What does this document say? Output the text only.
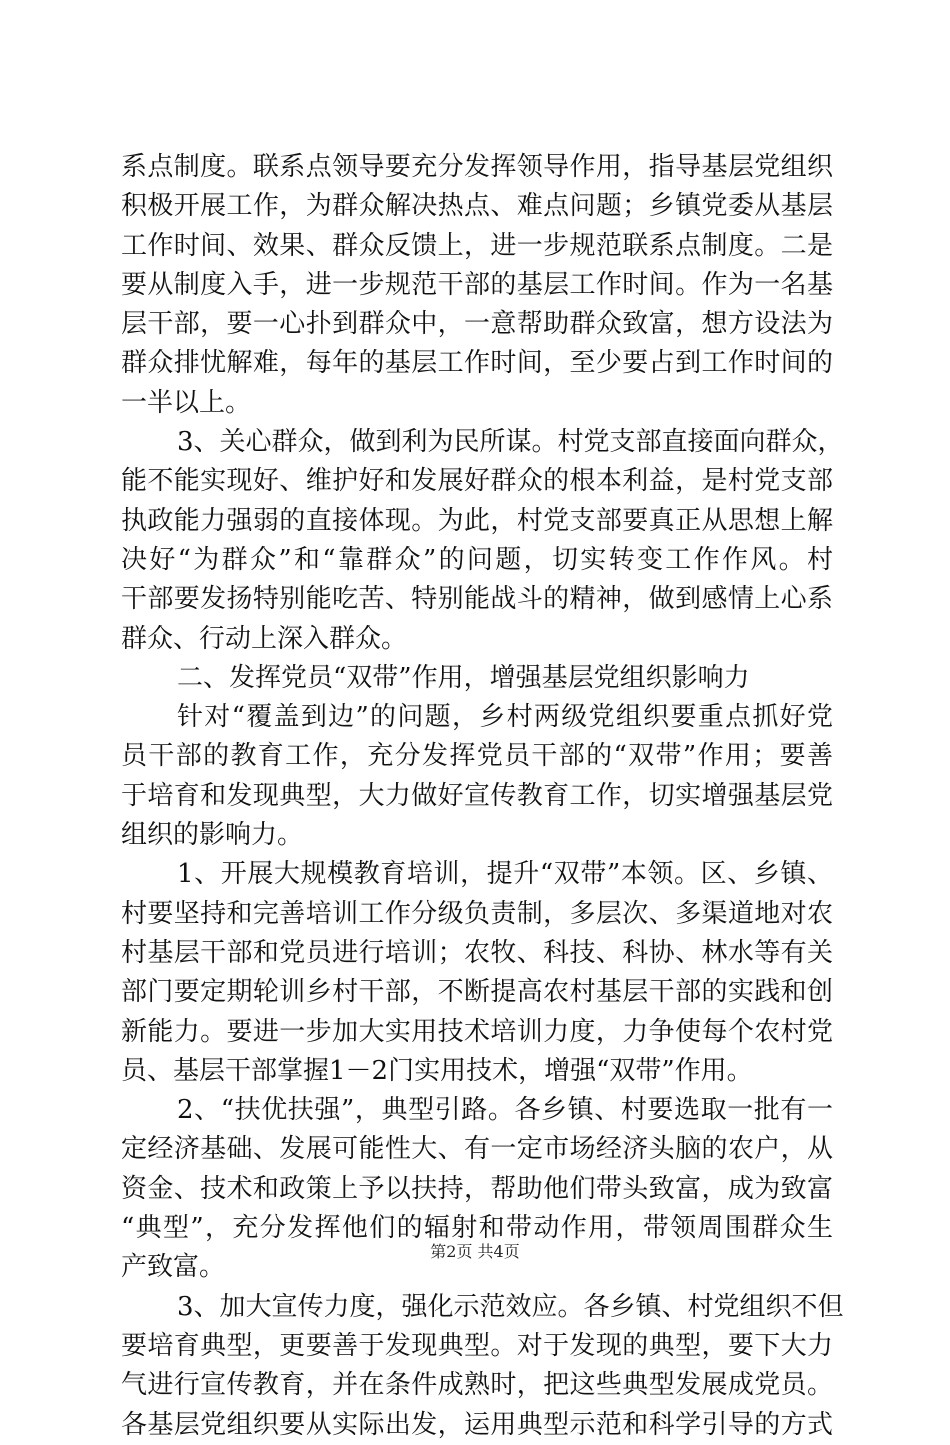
系点制度。联系点领导要充分发挥领导作用，指导基层党组织
积极开展工作，为群众解决热点、难点问题；乡镇党委从基层
工作时间、效果、群众反馈上，进一步规范联系点制度。二是
要从制度入手，进一步规范干部的基层工作时间。作为一名基
层干部，要一心扑到群众中，一意帮助群众致富，想方设法为
群众排忧解难，每年的基层工作时间，至少要占到工作时间的
一半以上。
3、关心群众，做到利为民所谋。村党支部直接面向群众，
能不能实现好、维护好和发展好群众的根本利益，是村党支部
执政能力强弱的直接体现。为此，村党支部要真正从思想上解
决好“为群众”和“靠群众”的问题，切实转变工作作风。村
干部要发扬特别能吃苦、特别能战斗的精神，做到感情上心系
群众、行动上深入群众。
二、发挥党员“双带”作用，增强基层党组织影响力
针对“覆盖到边”的问题，乡村两级党组织要重点抓好党
员干部的教育工作，充分发挥党员干部的“双带”作用；要善
于培育和发现典型，大力做好宣传教育工作，切实增强基层党
组织的影响力。
1、开展大规模教育培训，提升“双带”本领。区、乡镇、
村要坚持和完善培训工作分级负责制，多层次、多渠道地对农
村基层干部和党员进行培训；农牧、科技、科协、林水等有关
部门要定期轮训乡村干部，不断提高农村基层干部的实践和创
新能力。要进一步加大实用技术培训力度，力争使每个农村党
员、基层干部掌握1－2门实用技术，增强“双带”作用。
2、“扶优扶强”，典型引路。各乡镇、村要选取一批有一
定经济基础、发展可能性大、有一定市场经济头脑的农户，从
资金、技术和政策上予以扶持，帮助他们带头致富，成为致富
“典型”，充分发挥他们的辐射和带动作用，带领周围群众生
产致富。
3、加大宣传力度，强化示范效应。各乡镇、村党组织不但
要培育典型，更要善于发现典型。对于发现的典型，要下大力
气进行宣传教育，并在条件成熟时，把这些典型发展成党员。
各基层党组织要从实际出发，运用典型示范和科学引导的方式
第2页 共4页
